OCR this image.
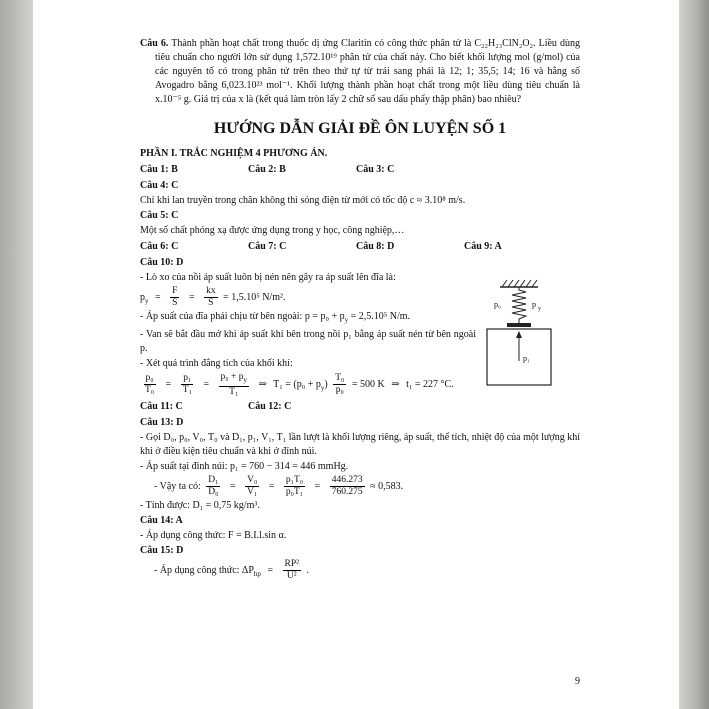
Câu 6. Thành phần hoạt chất trong thuốc dị ứng Claritin có công thức phân tử là C₂₂H₂₃ClN₂O₂. Liều dùng tiêu chuẩn cho người lớn sử dụng 1,572.10¹⁹ phân tử của chất này. Cho biết khối lượng mol (g/mol) của các nguyên tố có trong phân tử trên theo thứ tự từ trái sang phải là 12; 1; 35,5; 14; 16 và hằng số Avogadro bằng 6,023.10²³ mol⁻¹. Khối lượng thành phần hoạt chất trong một liều dùng tiêu chuẩn là x.10⁻⁵ g. Giá trị của x là (kết quả làm tròn lấy 2 chữ số sau dấu phẩy thập phân) bao nhiêu?

HƯỚNG DẪN GIẢI ĐỀ ÔN LUYỆN SỐ 1

PHẦN I. TRẮC NGHIỆM 4 PHƯƠNG ÁN.

Câu 1: B	Câu 2: B	Câu 3: C

Câu 4: C

Chỉ khi lan truyền trong chân không thì sóng điện từ mới có tốc độ c ≈ 3.10⁸ m/s.

Câu 5: C

Một số chất phóng xạ được ứng dụng trong y học, công nghiệp,…

Câu 6: C	Câu 7: C	Câu 8: D	Câu 9: A

Câu 10: D

p₀	p y
p₁

- Lò xo của nồi áp suất luôn bị nén nên gây ra áp suất lên đĩa là:

$p_y = \frac{F}{S} = \frac{kx}{S} = 1,5.10^5$ N/m².

- Áp suất của đĩa phải chịu từ bên ngoài: $p = p_0 + p_y = 2,5.10^5$ N/m.

- Van sẽ bắt đầu mở khi áp suất khí bên trong nồi p₁ bằng áp suất nén từ bên ngoài p.

- Xét quá trình đẳng tích của khối khí:

$\frac{\text{p₀}}{\text{T₀}} = \frac{\text{p₁}}{\text{T₁}} = \frac{p_0 + p_y}{\text{T₁}}$ ⇒ $T_1 = (p_0 + p_y) \frac{\text{T₀}}{\text{p₀}} = 500$ K ⇒ t₁ = 227 °C.

Câu 11: C	Câu 12: C

Câu 13: D

- Gọi D₀, p₀, V₀, T₀ và D₁, p₁, V₁, T₁ lần lượt là khối lượng riêng, áp suất, thể tích, nhiệt độ của một lượng khí khi ở điều kiện tiêu chuẩn và khi ở đỉnh núi.

- Áp suất tại đỉnh núi: p₁ = 760 − 314 = 446 mmHg.

- Vậy ta có: $\frac{\text{D₁}}{\text{D₀}} = \frac{\text{V₀}}{\text{V₁}} = \frac{\text{p₁T₀}}{\text{p₀T₁}} = \frac{446.273}{760.275} \approx 0,583$.

- Tính được: D₁ = 0,75 kg/m³.

Câu 14: A

- Áp dụng công thức: F = B.I.l.sin α.

Câu 15: D

- Áp dụng công thức: $\Delta P_{hp} = \frac{\text{RP²}}{\text{U²}}$ .

9
